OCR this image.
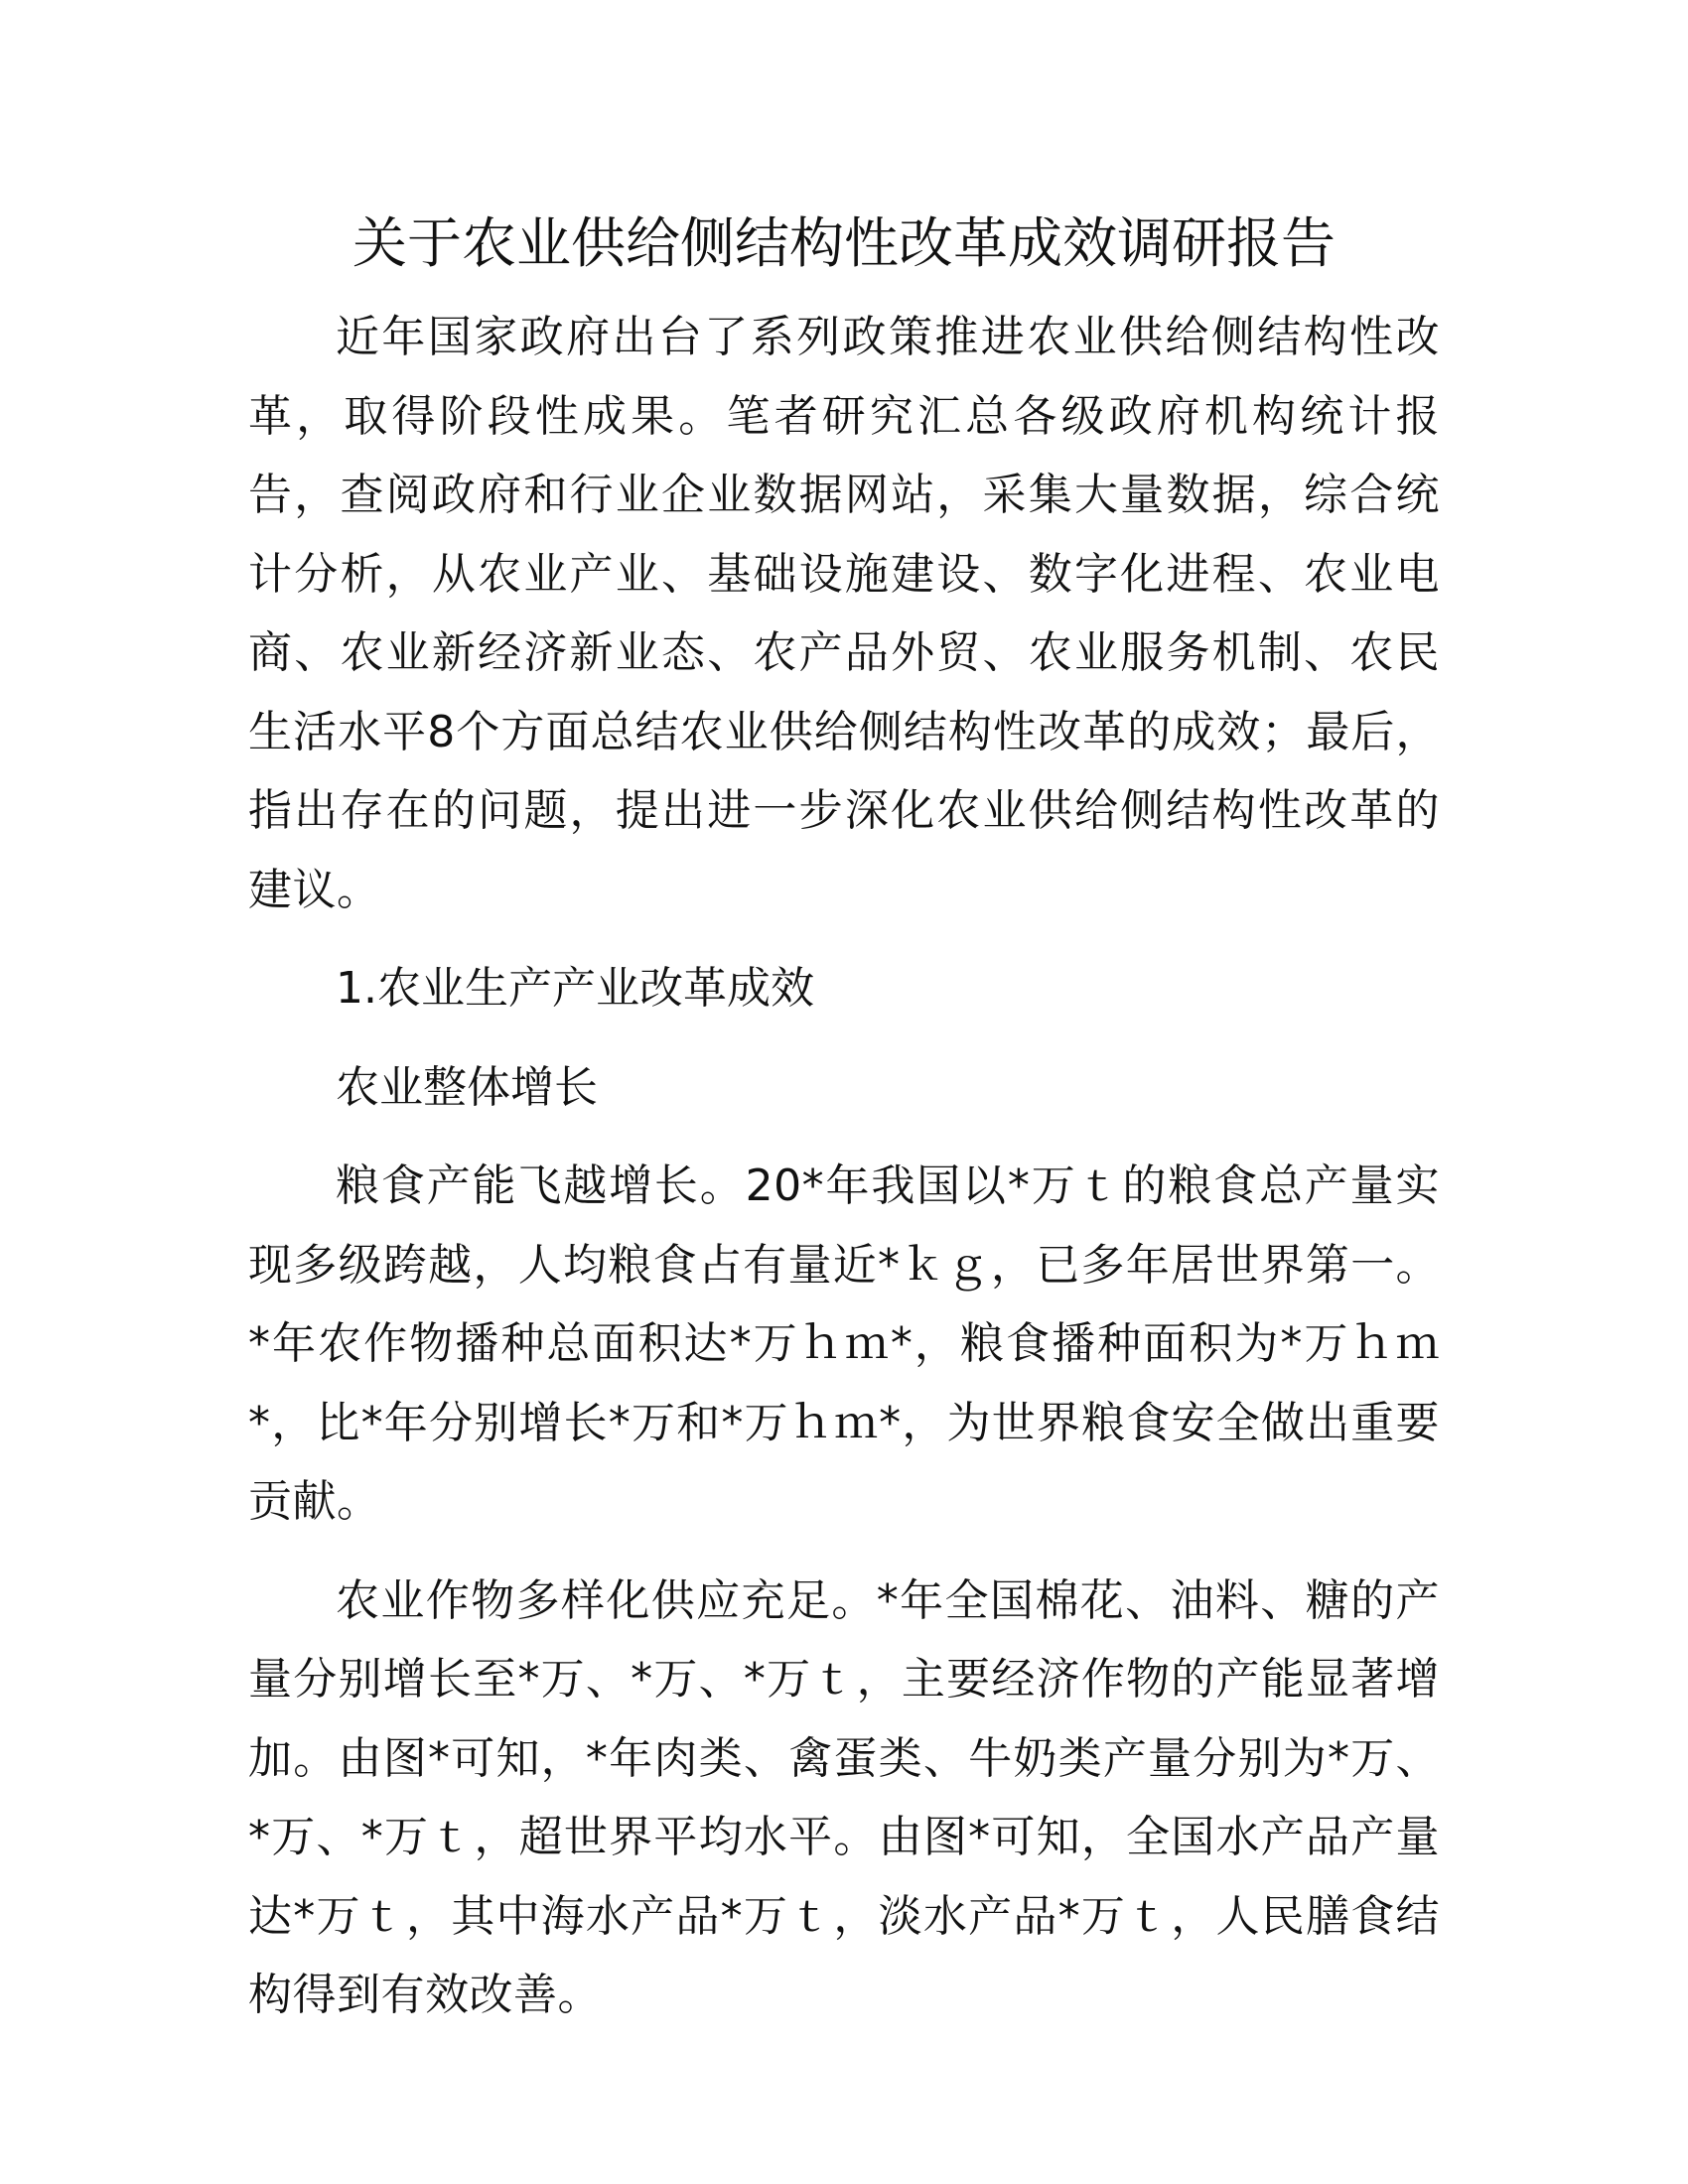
关于农业供给侧结构性改革成效调研报告

近年国家政府出台了系列政策推进农业供给侧结构性改革，取得阶段性成果。笔者研究汇总各级政府机构统计报告，查阅政府和行业企业数据网站，采集大量数据，综合统计分析，从农业产业、基础设施建设、数字化进程、农业电商、农业新经济新业态、农产品外贸、农业服务机制、农民生活水平8个方面总结农业供给侧结构性改革的成效；最后，指出存在的问题，提出进一步深化农业供给侧结构性改革的建议。

1.农业生产产业改革成效

农业整体增长

粮食产能飞越增长。20*年我国以*万ｔ的粮食总产量实现多级跨越，人均粮食占有量近*ｋｇ，已多年居世界第一。*年农作物播种总面积达*万ｈｍ*，粮食播种面积为*万ｈｍ*，比*年分别增长*万和*万ｈｍ*，为世界粮食安全做出重要贡献。

农业作物多样化供应充足。*年全国棉花、油料、糖的产量分别增长至*万、*万、*万ｔ，主要经济作物的产能显著增加。由图*可知，*年肉类、禽蛋类、牛奶类产量分别为*万、*万、*万ｔ，超世界平均水平。由图*可知，全国水产品产量达*万ｔ，其中海水产品*万ｔ，淡水产品*万ｔ，人民膳食结构得到有效改善。
